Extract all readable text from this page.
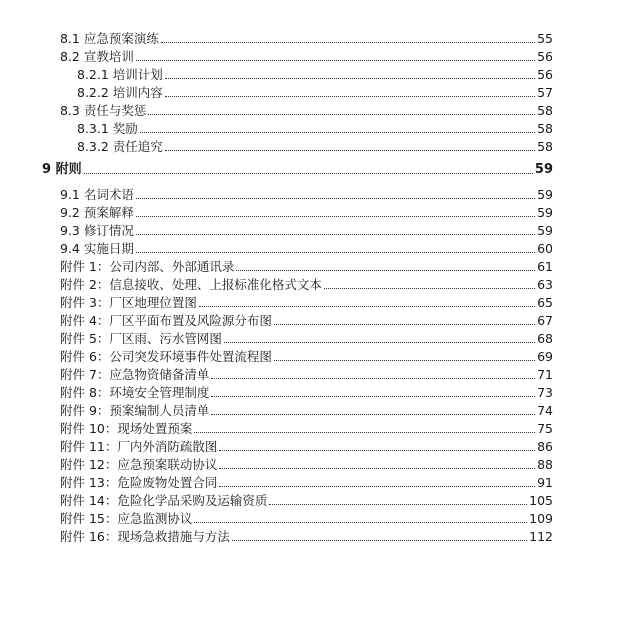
8.1 应急预案演练	55
8.2 宣教培训	56
8.2.1 培训计划	56
8.2.2 培训内容	57
8.3 责任与奖惩	58
8.3.1 奖励	58
8.3.2 责任追究	58
9 附则	59
9.1 名词术语	59
9.2 预案解释	59
9.3 修订情况	59
9.4 实施日期	60
附件 1：公司内部、外部通讯录	61
附件 2：信息接收、处理、上报标准化格式文本	63
附件 3：厂区地理位置图	65
附件 4：厂区平面布置及风险源分布图	67
附件 5：厂区雨、污水管网图	68
附件 6：公司突发环境事件处置流程图	69
附件 7：应急物资储备清单	71
附件 8：环境安全管理制度	73
附件 9：预案编制人员清单	74
附件 10：现场处置预案	75
附件 11：厂内外消防疏散图	86
附件 12：应急预案联动协议	88
附件 13：危险废物处置合同	91
附件 14：危险化学品采购及运输资质	105
附件 15：应急监测协议	109
附件 16：现场急救措施与方法	112
